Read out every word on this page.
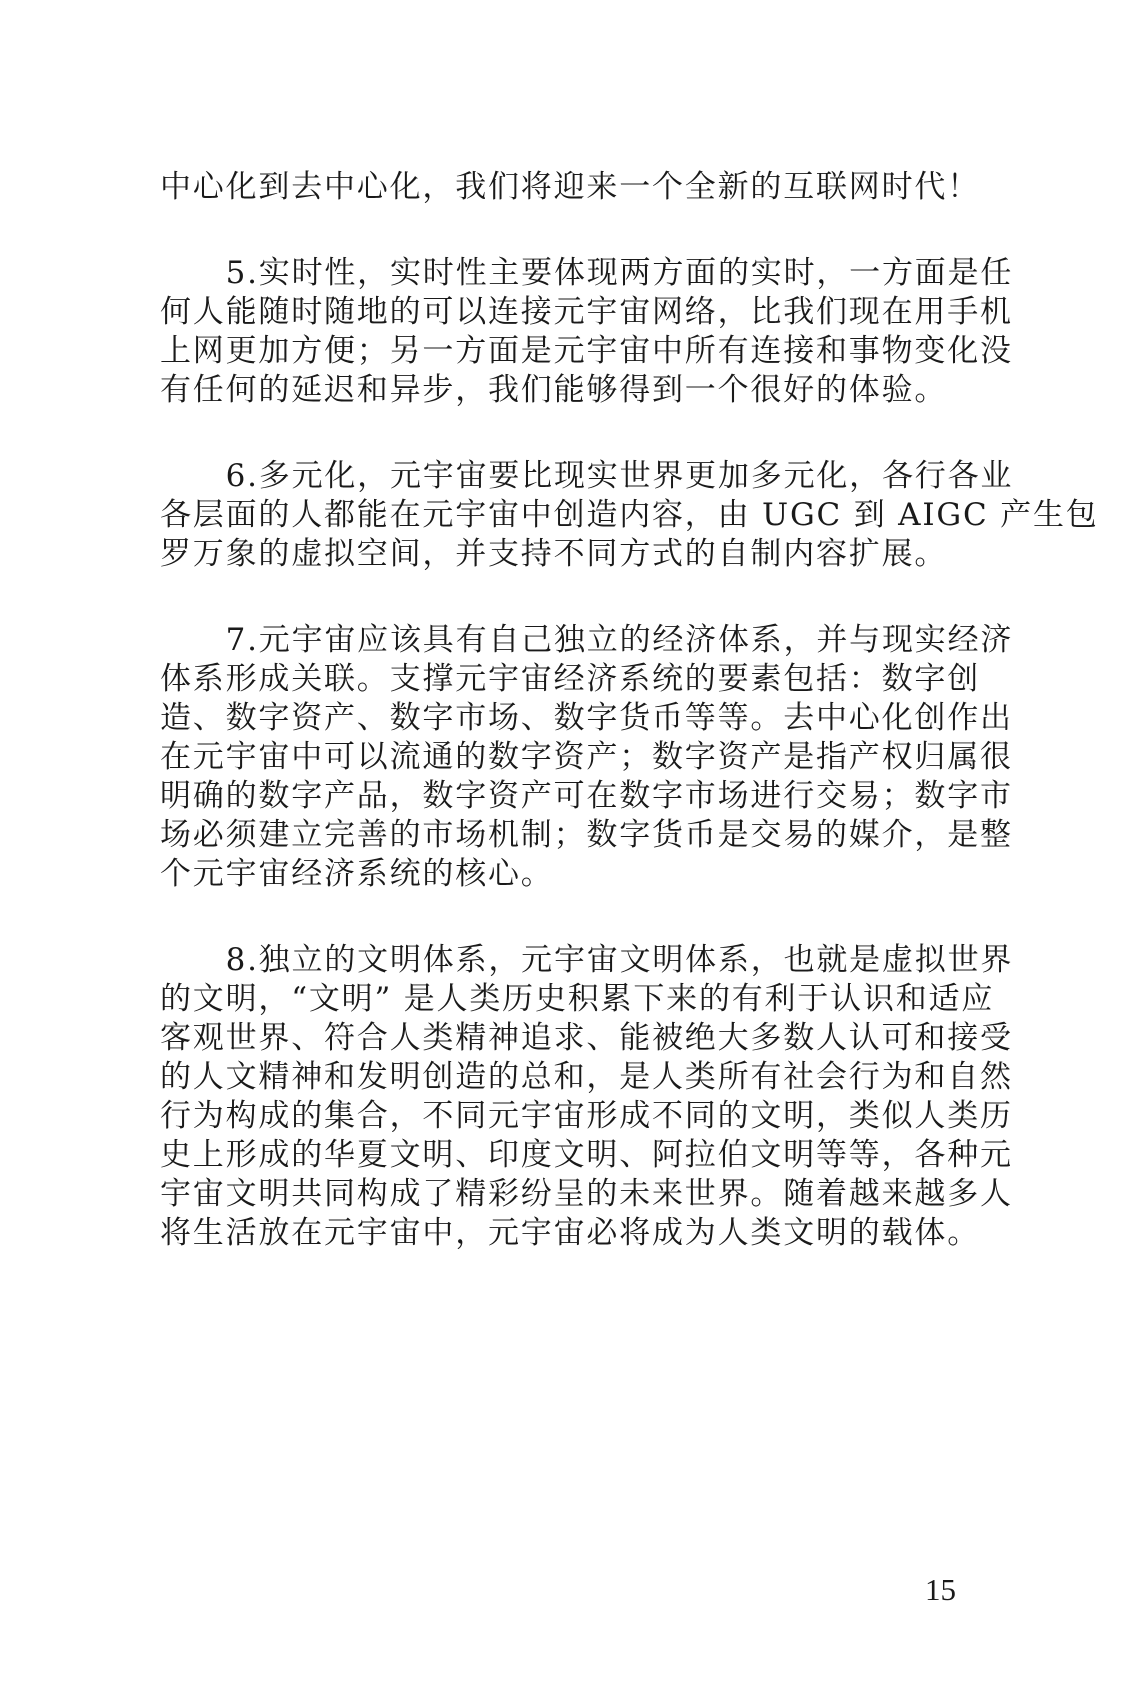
中心化到去中心化，我们将迎来一个全新的互联网时代！
　　5.实时性，实时性主要体现两方面的实时，一方面是任
何人能随时随地的可以连接元宇宙网络，比我们现在用手机
上网更加方便；另一方面是元宇宙中所有连接和事物变化没
有任何的延迟和异步，我们能够得到一个很好的体验。
　　6.多元化，元宇宙要比现实世界更加多元化，各行各业
各层面的人都能在元宇宙中创造内容，由 UGC 到 AIGC 产生包
罗万象的虚拟空间，并支持不同方式的自制内容扩展。
　　7.元宇宙应该具有自己独立的经济体系，并与现实经济
体系形成关联。支撑元宇宙经济系统的要素包括：数字创
造、数字资产、数字市场、数字货币等等。去中心化创作出
在元宇宙中可以流通的数字资产；数字资产是指产权归属很
明确的数字产品，数字资产可在数字市场进行交易；数字市
场必须建立完善的市场机制；数字货币是交易的媒介，是整
个元宇宙经济系统的核心。
　　8.独立的文明体系，元宇宙文明体系，也就是虚拟世界
的文明，“文明” 是人类历史积累下来的有利于认识和适应
客观世界、符合人类精神追求、能被绝大多数人认可和接受
的人文精神和发明创造的总和，是人类所有社会行为和自然
行为构成的集合，不同元宇宙形成不同的文明，类似人类历
史上形成的华夏文明、印度文明、阿拉伯文明等等，各种元
宇宙文明共同构成了精彩纷呈的未来世界。随着越来越多人
将生活放在元宇宙中，元宇宙必将成为人类文明的载体。
15
